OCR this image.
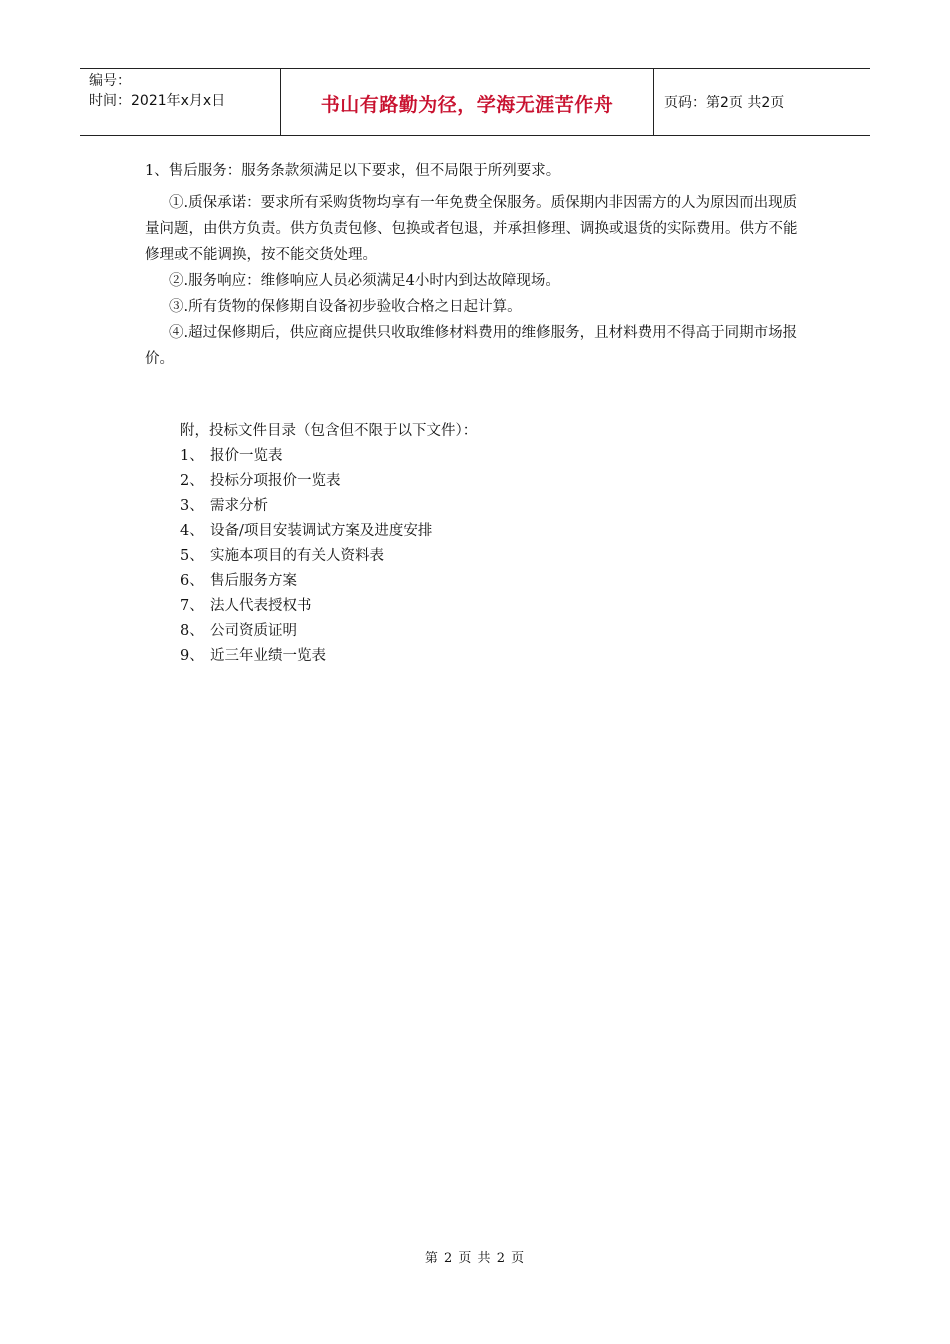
编号：
时间：2021年x月x日	书山有路勤为径，学海无涯苦作舟	页码：第2页 共2页

1、售后服务：服务条款须满足以下要求，但不局限于所列要求。

①.质保承诺：要求所有采购货物均享有一年免费全保服务。质保期内非因需方的人为原因而出现质量问题，由供方负责。供方负责包修、包换或者包退，并承担修理、调换或退货的实际费用。供方不能修理或不能调换，按不能交货处理。

②.服务响应：维修响应人员必须满足4小时内到达故障现场。

③.所有货物的保修期自设备初步验收合格之日起计算。

④.超过保修期后，供应商应提供只收取维修材料费用的维修服务，且材料费用不得高于同期市场报价。

附，投标文件目录（包含但不限于以下文件）：

1、 报价一览表
2、 投标分项报价一览表
3、 需求分析
4、 设备/项目安装调试方案及进度安排
5、 实施本项目的有关人资料表
6、 售后服务方案
7、 法人代表授权书
8、 公司资质证明
9、 近三年业绩一览表
第 2 页 共 2 页
